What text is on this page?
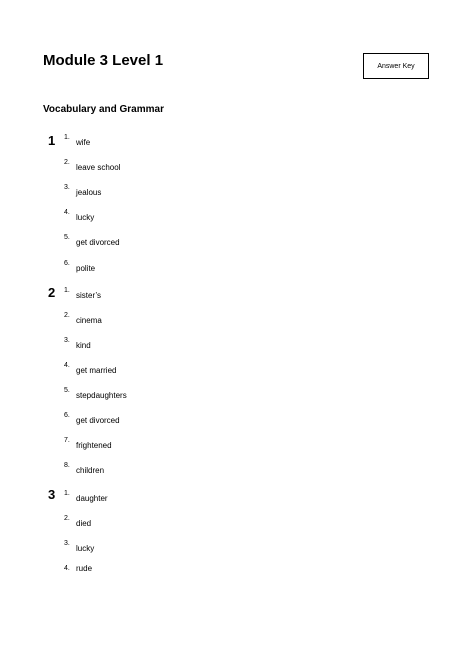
Module 3 Level 1	Answer Key
Vocabulary and Grammar
1 1.
wife
2.
leave school
3.
jealous
4.
lucky
5.
get divorced
6.
polite
2 1.
sister’s
2.
cinema
3.
kind
4.
get married
5.
stepdaughters
6.
get divorced
7.
frightened
8.
children
3 1.
daughter
2.
died
3.
lucky
4. rude
